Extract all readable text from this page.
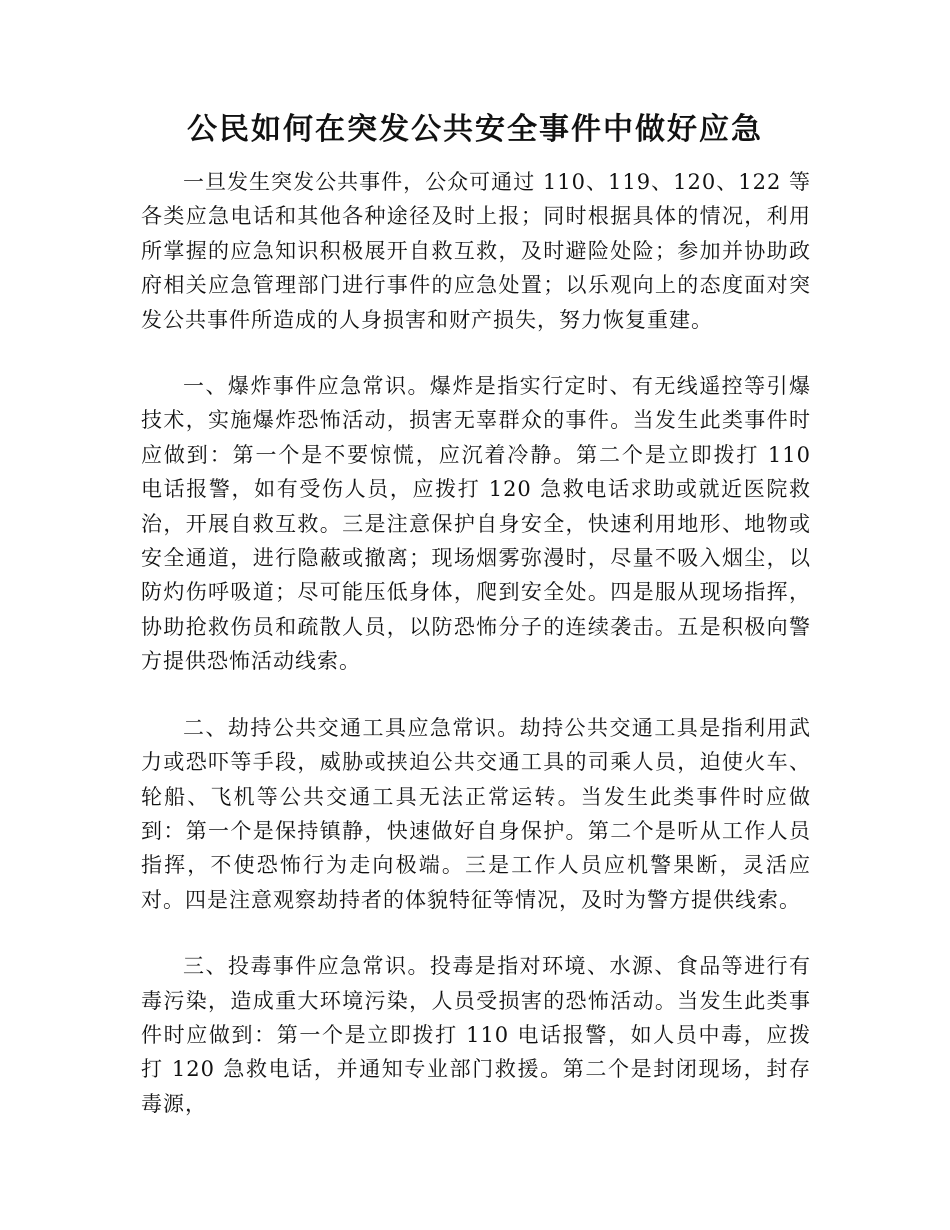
公民如何在突发公共安全事件中做好应急

一旦发生突发公共事件，公众可通过 110、119、120、122 等各类应急电话和其他各种途径及时上报；同时根据具体的情况，利用所掌握的应急知识积极展开自救互救，及时避险处险；参加并协助政府相关应急管理部门进行事件的应急处置；以乐观向上的态度面对突发公共事件所造成的人身损害和财产损失，努力恢复重建。

一、爆炸事件应急常识。爆炸是指实行定时、有无线遥控等引爆技术，实施爆炸恐怖活动，损害无辜群众的事件。当发生此类事件时应做到：第一个是不要惊慌，应沉着冷静。第二个是立即拨打 110 电话报警，如有受伤人员，应拨打 120 急救电话求助或就近医院救治，开展自救互救。三是注意保护自身安全，快速利用地形、地物或安全通道，进行隐蔽或撤离；现场烟雾弥漫时，尽量不吸入烟尘，以防灼伤呼吸道；尽可能压低身体，爬到安全处。四是服从现场指挥，协助抢救伤员和疏散人员，以防恐怖分子的连续袭击。五是积极向警方提供恐怖活动线索。

二、劫持公共交通工具应急常识。劫持公共交通工具是指利用武力或恐吓等手段，威胁或挟迫公共交通工具的司乘人员，迫使火车、轮船、飞机等公共交通工具无法正常运转。当发生此类事件时应做到：第一个是保持镇静，快速做好自身保护。第二个是听从工作人员指挥，不使恐怖行为走向极端。三是工作人员应机警果断，灵活应对。四是注意观察劫持者的体貌特征等情况，及时为警方提供线索。

三、投毒事件应急常识。投毒是指对环境、水源、食品等进行有毒污染，造成重大环境污染，人员受损害的恐怖活动。当发生此类事件时应做到：第一个是立即拨打 110 电话报警，如人员中毒，应拨打 120 急救电话，并通知专业部门救援。第二个是封闭现场，封存毒源，
